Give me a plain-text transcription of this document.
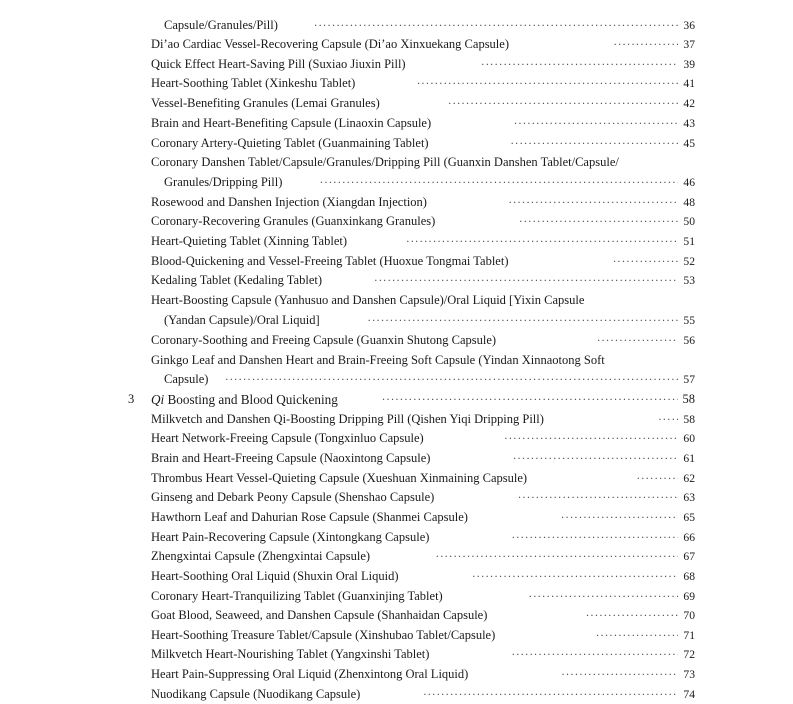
Capsule/Granules/Pill) ·····	36
Di’ao Cardiac Vessel-Recovering Capsule (Di’ao Xinxuekang Capsule) ·····	37
Quick Effect Heart-Saving Pill (Suxiao Jiuxin Pill) ·····	39
Heart-Soothing Tablet (Xinkeshu Tablet) ·····	41
Vessel-Benefiting Granules (Lemai Granules) ·····	42
Brain and Heart-Benefiting Capsule (Linaoxin Capsule) ·····	43
Coronary Artery-Quieting Tablet (Guanmaining Tablet) ·····	45
Coronary Danshen Tablet/Capsule/Granules/Dripping Pill (Guanxin Danshen Tablet/Capsule/
Granules/Dripping Pill) ·····	46
Rosewood and Danshen Injection (Xiangdan Injection) ·····	48
Coronary-Recovering Granules (Guanxinkang Granules) ·····	50
Heart-Quieting Tablet (Xinning Tablet) ·····	51
Blood-Quickening and Vessel-Freeing Tablet (Huoxue Tongmai Tablet) ·····	52
Kedaling Tablet (Kedaling Tablet) ·····	53
Heart-Boosting Capsule (Yanhusuo and Danshen Capsule)/Oral Liquid [Yixin Capsule
(Yandan Capsule)/Oral Liquid] ·····	55
Coronary-Soothing and Freeing Capsule (Guanxin Shutong Capsule) ·····	56
Ginkgo Leaf and Danshen Heart and Brain-Freeing Soft Capsule (Yindan Xinnaotong Soft
Capsule) ·····	57
3 Qi Boosting and Blood Quickening ·····	58
Milkvetch and Danshen Qi-Boosting Dripping Pill (Qishen Yiqi Dripping Pill) ·····	58
Heart Network-Freeing Capsule (Tongxinluo Capsule) ·····	60
Brain and Heart-Freeing Capsule (Naoxintong Capsule) ·····	61
Thrombus Heart Vessel-Quieting Capsule (Xueshuan Xinmaining Capsule) ·····	62
Ginseng and Debark Peony Capsule (Shenshao Capsule) ·····	63
Hawthorn Leaf and Dahurian Rose Capsule (Shanmei Capsule) ·····	65
Heart Pain-Recovering Capsule (Xintongkang Capsule) ·····	66
Zhengxintai Capsule (Zhengxintai Capsule) ·····	67
Heart-Soothing Oral Liquid (Shuxin Oral Liquid) ·····	68
Coronary Heart-Tranquilizing Tablet (Guanxinjing Tablet) ·····	69
Goat Blood, Seaweed, and Danshen Capsule (Shanhaidan Capsule) ·····	70
Heart-Soothing Treasure Tablet/Capsule (Xinshubao Tablet/Capsule) ·····	71
Milkvetch Heart-Nourishing Tablet (Yangxinshi Tablet) ·····	72
Heart Pain-Suppressing Oral Liquid (Zhenxintong Oral Liquid) ·····	73
Nuodikang Capsule (Nuodikang Capsule) ·····	74
